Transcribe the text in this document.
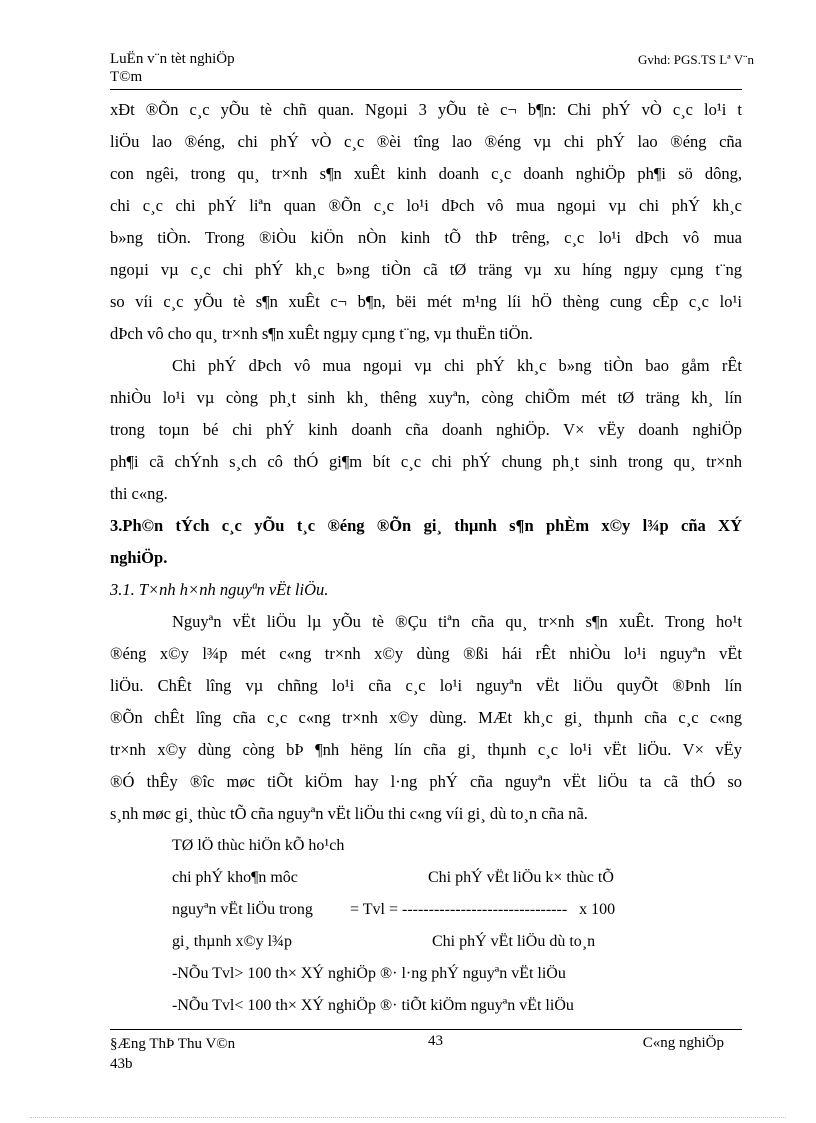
LuËn v¨n tèt nghiÖp
T©m
Gvhd: PGS.TS Lª V¨n
xÐt ®Õn c¸c yÕu tè chñ quan. Ngoµi 3 yÕu tè c¬ b¶n: Chi phÝ vÒ c¸c lo¹i t
liÖu lao ®éng, chi phÝ vÒ c¸c ®èi tîng lao ®éng vµ chi phÝ lao ®éng cña
con ngêi, trong qu¸ tr×nh s¶n xuÊt kinh doanh c¸c doanh nghiÖp ph¶i sö dông,
chi c¸c chi phÝ liªn quan ®Õn c¸c lo¹i dÞch vô mua ngoµi vµ chi phÝ kh¸c
b»ng tiÒn. Trong ®iÒu kiÖn nÒn kinh tÕ thÞ trêng, c¸c lo¹i dÞch vô mua
ngoµi vµ c¸c chi phÝ kh¸c b»ng tiÒn cã tØ träng vµ xu híng ngµy cµng t¨ng
so víi c¸c yÕu tè s¶n xuÊt c¬ b¶n, bëi mét m¹ng líi hÖ thèng cung cÊp c¸c lo¹i
dÞch vô cho qu¸ tr×nh s¶n xuÊt ngµy cµng t¨ng, vµ thuËn tiÖn.
Chi phÝ dÞch vô mua ngoµi vµ chi phÝ kh¸c b»ng tiÒn bao gåm rÊt
nhiÒu lo¹i vµ còng ph¸t sinh kh¸ thêng xuyªn, còng chiÕm mét tØ träng kh¸ lín
trong toµn bé chi phÝ kinh doanh cña doanh nghiÖp. V× vËy doanh nghiÖp
ph¶i cã chÝnh s¸ch cô thÓ gi¶m bít c¸c chi phÝ chung ph¸t sinh trong qu¸ tr×nh
thi c«ng.
3.Ph©n tÝch c¸c yÕu t¸c ®éng ®Õn gi¸ thµnh s¶n phÈm x©y l¾p cña XÝ
nghiÖp.
3.1. T×nh h×nh nguyªn vËt liÖu.
Nguyªn vËt liÖu lµ yÕu tè ®Çu tiªn cña qu¸ tr×nh s¶n xuÊt. Trong ho¹t
®éng x©y l¾p mét c«ng tr×nh x©y dùng ®ßi hái rÊt nhiÒu lo¹i nguyªn vËt
liÖu. ChÊt lîng vµ chñng lo¹i cña c¸c lo¹i nguyªn vËt liÖu quyÕt ®Þnh lín
®Õn chÊt lîng cña c¸c c«ng tr×nh x©y dùng. MÆt kh¸c gi¸ thµnh cña c¸c c«ng
tr×nh x©y dùng còng bÞ ¶nh hëng lín cña gi¸ thµnh c¸c lo¹i vËt liÖu. V× vËy
®Ó thÊy ®îc møc tiÕt kiÖm hay l·ng phÝ cña nguyªn vËt liÖu ta cã thÓ so
s¸nh møc gi¸ thùc tÕ cña nguyªn vËt liÖu thi c«ng víi gi¸ dù to¸n cña nã.
TØ lÖ thùc hiÖn kÕ ho¹ch
chi phÝ kho¶n môc	Chi phÝ vËt liÖu k× thùc tÕ
nguyªn vËt liÖu trong = Tvl = ------------------------------- x 100
gi¸ thµnh x©y l¾p	Chi phÝ vËt liÖu dù to¸n
-NÕu Tvl> 100 th× XÝ nghiÖp ®· l·ng phÝ nguyªn vËt liÖu
-NÕu Tvl< 100 th× XÝ nghiÖp ®· tiÕt kiÖm nguyªn vËt liÖu
§Æng ThÞ Thu V©n
43b
43	C«ng nghiÖp
